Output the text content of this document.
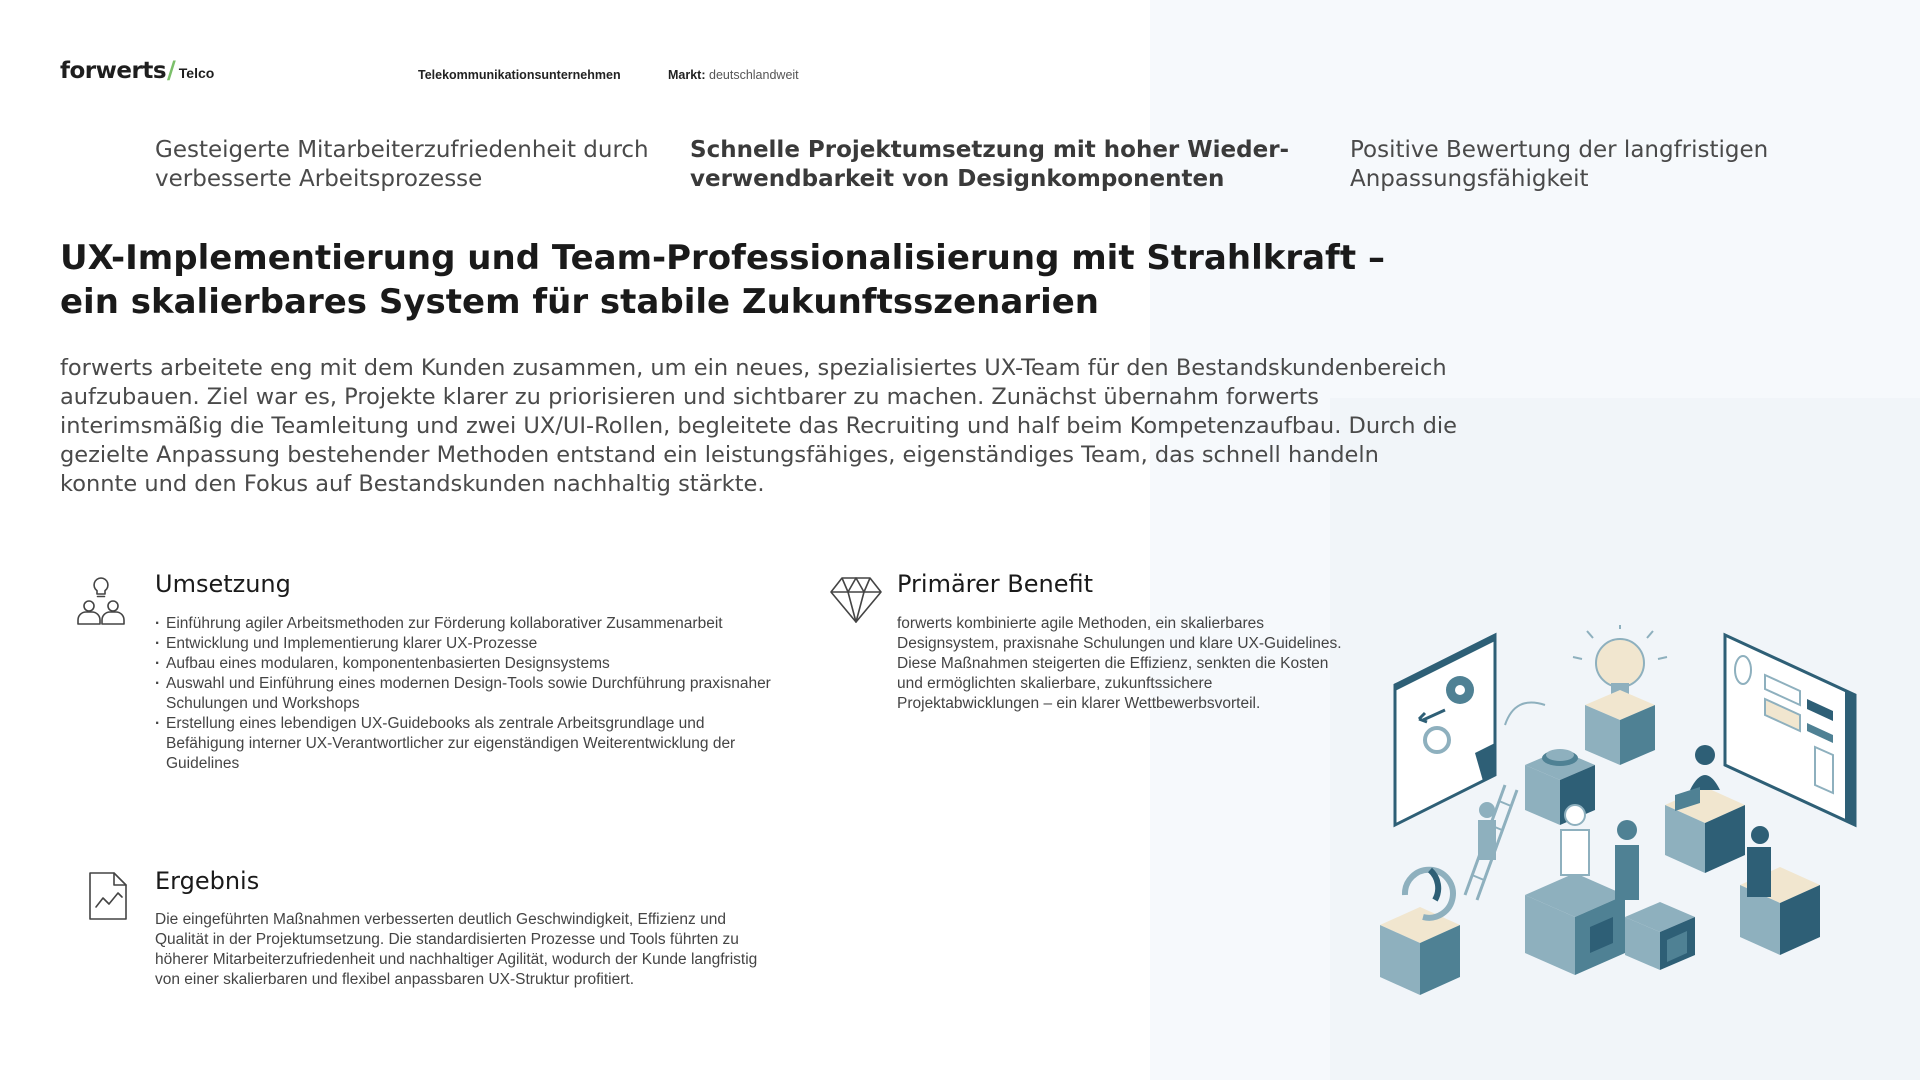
forwerts / Telco	Telekommunikationsunternehmen	Markt: deutschlandweit
Gesteigerte Mitarbeiterzufriedenheit durch verbesserte Arbeitsprozesse
Schnelle Projektumsetzung mit hoher Wieder-verwendbarkeit von Designkomponenten
Positive Bewertung der langfristigen Anpassungsfähigkeit
UX-Implementierung und Team-Professionalisierung mit Strahlkraft –
ein skalierbares System für stabile Zukunftsszenarien

forwerts arbeitete eng mit dem Kunden zusammen, um ein neues, spezialisiertes UX-Team für den Bestandskundenbereich aufzubauen. Ziel war es, Projekte klarer zu priorisieren und sichtbarer zu machen. Zunächst übernahm forwerts interimsmäßig die Teamleitung und zwei UX/UI-Rollen, begleitete das Recruiting und half beim Kompetenzaufbau. Durch die gezielte Anpassung bestehender Methoden entstand ein leistungsfähiges, eigenständiges Team, das schnell handeln konnte und den Fokus auf Bestandskunden nachhaltig stärkte.

Umsetzung
· Einführung agiler Arbeitsmethoden zur Förderung kollaborativer Zusammenarbeit
· Entwicklung und Implementierung klarer UX-Prozesse
· Aufbau eines modularen, komponentenbasierten Designsystems
· Auswahl und Einführung eines modernen Design-Tools sowie Durchführung praxisnaher Schulungen und Workshops
· Erstellung eines lebendigen UX-Guidebooks als zentrale Arbeitsgrundlage und Befähigung interner UX-Verantwortlicher zur eigenständigen Weiterentwicklung der Guidelines
Primärer Benefit

forwerts kombinierte agile Methoden, ein skalierbares Designsystem, praxisnahe Schulungen und klare UX-Guidelines. Diese Maßnahmen steigerten die Effizienz, senkten die Kosten und ermöglichten skalierbare, zukunftssichere Projektabwicklungen – ein klarer Wettbewerbsvorteil.

Ergebnis

Die eingeführten Maßnahmen verbesserten deutlich Geschwindigkeit, Effizienz und Qualität in der Projektumsetzung. Die standardisierten Prozesse und Tools führten zu höherer Mitarbeiterzufriedenheit und nachhaltiger Agilität, wodurch der Kunde langfristig von einer skalierbaren und flexibel anpassbaren UX-Struktur profitiert.
